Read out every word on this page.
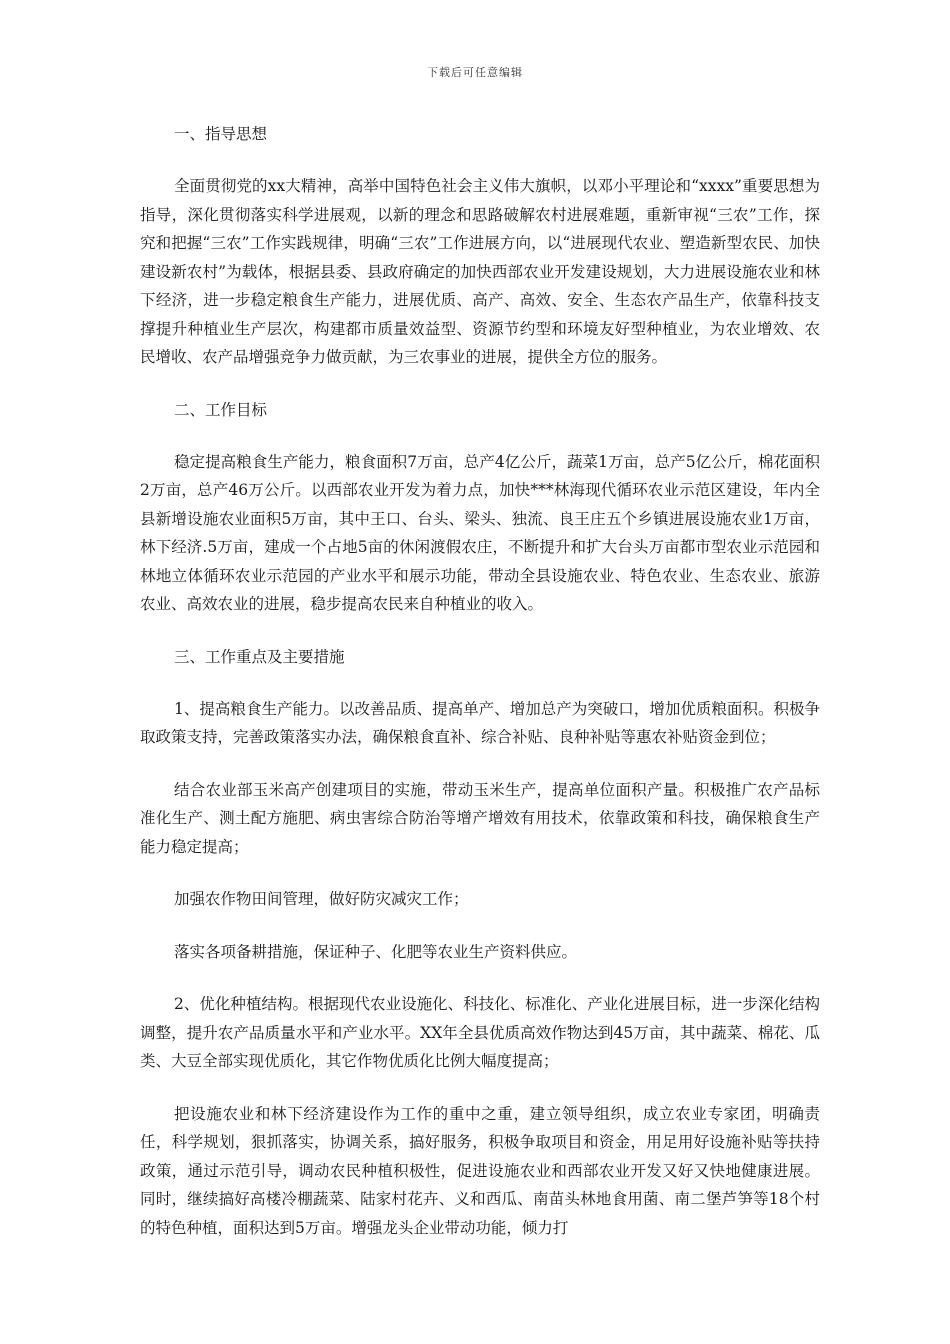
下载后可任意编辑

一、指导思想

全面贯彻党的xx大精神，高举中国特色社会主义伟大旗帜，以邓小平理论和“xxxx”重要思想为指导，深化贯彻落实科学进展观，以新的理念和思路破解农村进展难题，重新审视“三农”工作，探究和把握“三农”工作实践规律，明确“三农”工作进展方向，以“进展现代农业、塑造新型农民、加快建设新农村”为载体，根据县委、县政府确定的加快西部农业开发建设规划，大力进展设施农业和林下经济，进一步稳定粮食生产能力，进展优质、高产、高效、安全、生态农产品生产，依靠科技支撑提升种植业生产层次，构建都市质量效益型、资源节约型和环境友好型种植业，为农业增效、农民增收、农产品增强竞争力做贡献，为三农事业的进展，提供全方位的服务。

二、工作目标

稳定提高粮食生产能力，粮食面积7万亩，总产4亿公斤，蔬菜1万亩，总产5亿公斤，棉花面积2万亩，总产46万公斤。以西部农业开发为着力点，加快***林海现代循环农业示范区建设，年内全县新增设施农业面积5万亩，其中王口、台头、梁头、独流、良王庄五个乡镇进展设施农业1万亩，林下经济.5万亩，建成一个占地5亩的休闲渡假农庄，不断提升和扩大台头万亩都市型农业示范园和林地立体循环农业示范园的产业水平和展示功能，带动全县设施农业、特色农业、生态农业、旅游农业、高效农业的进展，稳步提高农民来自种植业的收入。

三、工作重点及主要措施

1、提高粮食生产能力。以改善品质、提高单产、增加总产为突破口，增加优质粮面积。积极争取政策支持，完善政策落实办法，确保粮食直补、综合补贴、良种补贴等惠农补贴资金到位；

结合农业部玉米高产创建项目的实施，带动玉米生产，提高单位面积产量。积极推广农产品标准化生产、测土配方施肥、病虫害综合防治等增产增效有用技术，依靠政策和科技，确保粮食生产能力稳定提高；

加强农作物田间管理，做好防灾减灾工作；

落实各项备耕措施，保证种子、化肥等农业生产资料供应。

2、优化种植结构。根据现代农业设施化、科技化、标准化、产业化进展目标，进一步深化结构调整，提升农产品质量水平和产业水平。XX年全县优质高效作物达到45万亩，其中蔬菜、棉花、瓜类、大豆全部实现优质化，其它作物优质化比例大幅度提高；

把设施农业和林下经济建设作为工作的重中之重，建立领导组织，成立农业专家团，明确责任，科学规划，狠抓落实，协调关系，搞好服务，积极争取项目和资金，用足用好设施补贴等扶持政策，通过示范引导，调动农民种植积极性，促进设施农业和西部农业开发又好又快地健康进展。同时，继续搞好高楼冷棚蔬菜、陆家村花卉、义和西瓜、南苗头林地食用菌、南二堡芦笋等18个村的特色种植，面积达到5万亩。增强龙头企业带动功能，倾力打
